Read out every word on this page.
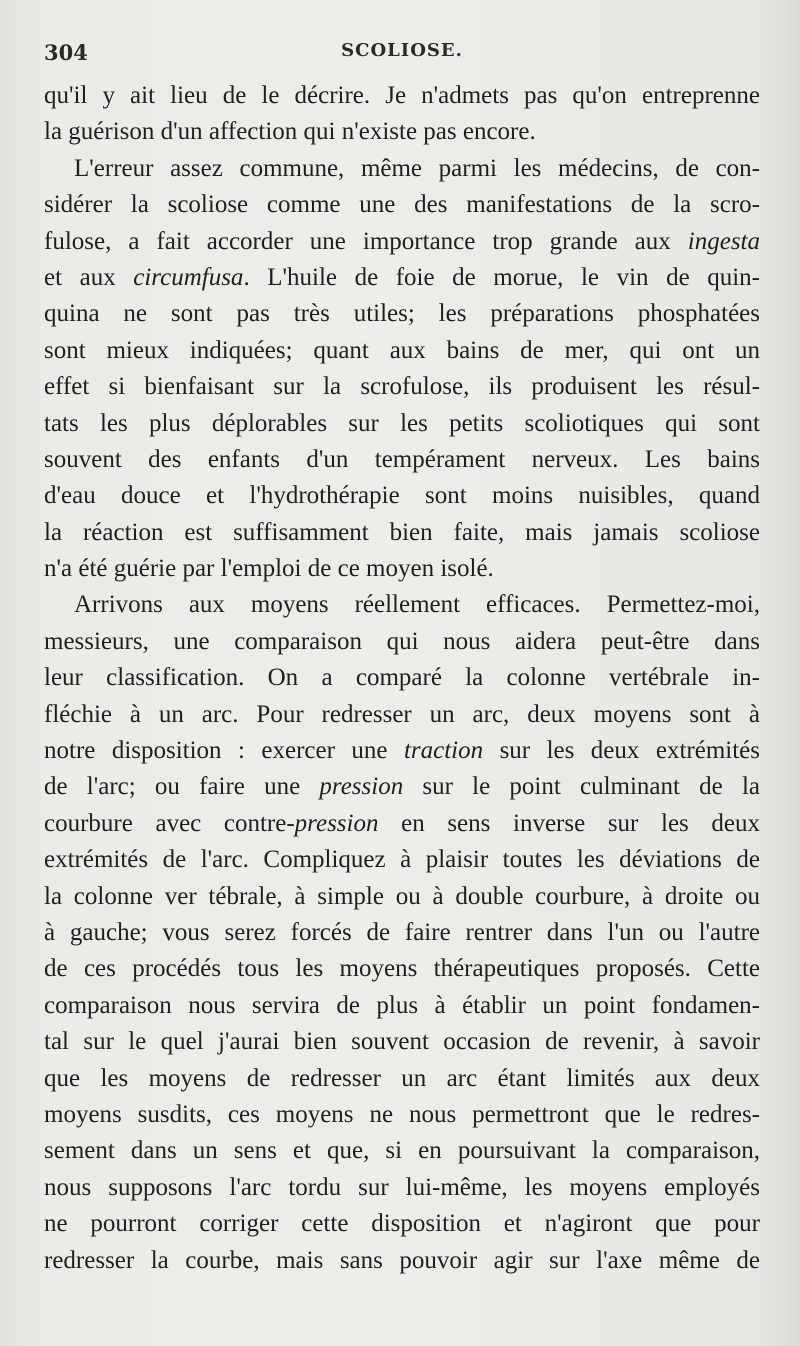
304	SCOLIOSE.
qu'il y ait lieu de le décrire. Je n'admets pas qu'on entreprenne
la guérison d'un affection qui n'existe pas encore.
L'erreur assez commune, même parmi les médecins, de con-
sidérer la scoliose comme une des manifestations de la scro-
fulose, a fait accorder une importance trop grande aux ingesta
et aux circumfusa. L'huile de foie de morue, le vin de quin-
quina ne sont pas très utiles; les préparations phosphatées
sont mieux indiquées; quant aux bains de mer, qui ont un
effet si bienfaisant sur la scrofulose, ils produisent les résul-
tats les plus déplorables sur les petits scoliotiques qui sont
souvent des enfants d'un tempérament nerveux. Les bains
d'eau douce et l'hydrothérapie sont moins nuisibles, quand
la réaction est suffisamment bien faite, mais jamais scoliose
n'a été guérie par l'emploi de ce moyen isolé.
Arrivons aux moyens réellement efficaces. Permettez-moi,
messieurs, une comparaison qui nous aidera peut-être dans
leur classification. On a comparé la colonne vertébrale in-
fléchie à un arc. Pour redresser un arc, deux moyens sont à
notre disposition : exercer une traction sur les deux extrémités
de l'arc; ou faire une pression sur le point culminant de la
courbure avec contre-pression en sens inverse sur les deux
extrémités de l'arc. Compliquez à plaisir toutes les déviations de
la colonne ver tébrale, à simple ou à double courbure, à droite ou
à gauche; vous serez forcés de faire rentrer dans l'un ou l'autre
de ces procédés tous les moyens thérapeutiques proposés. Cette
comparaison nous servira de plus à établir un point fondamen-
tal sur le quel j'aurai bien souvent occasion de revenir, à savoir
que les moyens de redresser un arc étant limités aux deux
moyens susdits, ces moyens ne nous permettront que le redres-
sement dans un sens et que, si en poursuivant la comparaison,
nous supposons l'arc tordu sur lui-même, les moyens employés
ne pourront corriger cette disposition et n'agiront que pour
redresser la courbe, mais sans pouvoir agir sur l'axe même de
